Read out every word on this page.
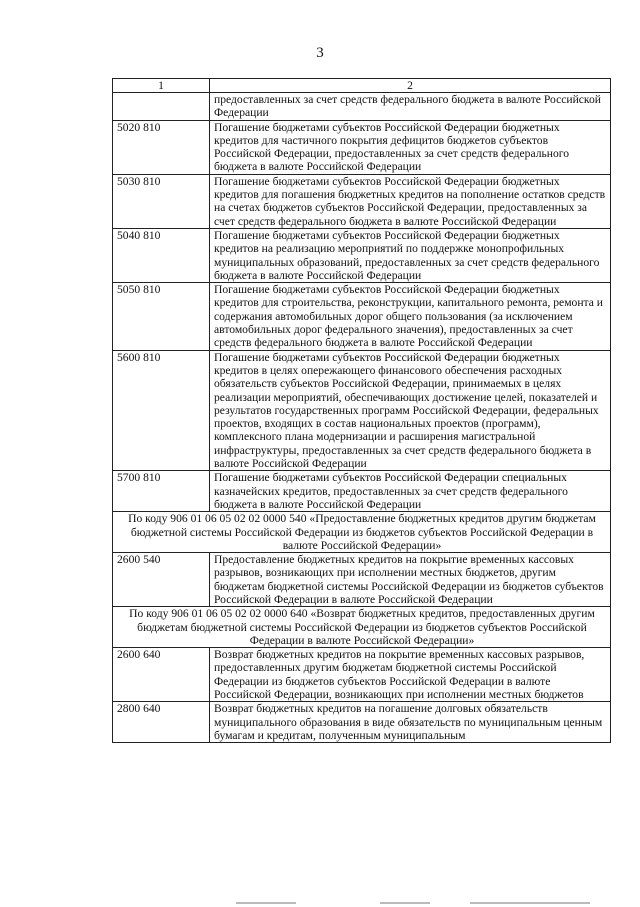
3
1	2
	предоставленных за счет средств федерального бюджета в валюте Российской Федерации
5020 810	Погашение бюджетами субъектов Российской Федерации бюджетных кредитов для частичного покрытия дефицитов бюджетов субъектов Российской Федерации, предоставленных за счет средств федерального бюджета в валюте Российской Федерации
5030 810	Погашение бюджетами субъектов Российской Федерации бюджетных кредитов для погашения бюджетных кредитов на пополнение остатков средств на счетах бюджетов субъектов Российской Федерации, предоставленных за счет средств федерального бюджета в валюте Российской Федерации
5040 810	Погашение бюджетами субъектов Российской Федерации бюджетных кредитов на реализацию мероприятий по поддержке монопрофильных муниципальных образований, предоставленных за счет средств федерального бюджета в валюте Российской Федерации
5050 810	Погашение бюджетами субъектов Российской Федерации бюджетных кредитов для строительства, реконструкции, капитального ремонта, ремонта и содержания автомобильных дорог общего пользования (за исключением автомобильных дорог федерального значения), предоставленных за счет средств федерального бюджета в валюте Российской Федерации
5600 810	Погашение бюджетами субъектов Российской Федерации бюджетных кредитов в целях опережающего финансового обеспечения расходных обязательств субъектов Российской Федерации, принимаемых в целях реализации мероприятий, обеспечивающих достижение целей, показателей и результатов государственных программ Российской Федерации, федеральных проектов, входящих в состав национальных проектов (программ), комплексного плана модернизации и расширения магистральной инфраструктуры, предоставленных за счет средств федерального бюджета в валюте Российской Федерации
5700 810	Погашение бюджетами субъектов Российской Федерации специальных казначейских кредитов, предоставленных за счет средств федерального бюджета в валюте Российской Федерации
По коду 906 01 06 05 02 02 0000 540 «Предоставление бюджетных кредитов другим бюджетам бюджетной системы Российской Федерации из бюджетов субъектов Российской Федерации в валюте Российской Федерации»	
2600 540	Предоставление бюджетных кредитов на покрытие временных кассовых разрывов, возникающих при исполнении местных бюджетов, другим бюджетам бюджетной системы Российской Федерации из бюджетов субъектов Российской Федерации в валюте Российской Федерации
По коду 906 01 06 05 02 02 0000 640 «Возврат бюджетных кредитов, предоставленных другим бюджетам бюджетной системы Российской Федерации из бюджетов субъектов Российской Федерации в валюте Российской Федерации»	
2600 640	Возврат бюджетных кредитов на покрытие временных кассовых разрывов, предоставленных другим бюджетам бюджетной системы Российской Федерации из бюджетов субъектов Российской Федерации в валюте Российской Федерации, возникающих при исполнении местных бюджетов
2800 640	Возврат бюджетных кредитов на погашение долговых обязательств муниципального образования в виде обязательств по муниципальным ценным бумагам и кредитам, полученным муниципальным
